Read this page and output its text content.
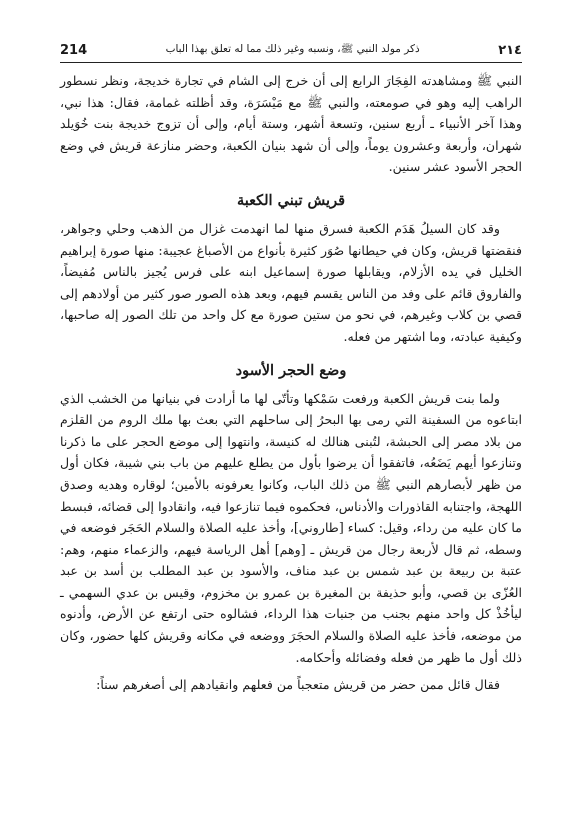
214	ذكر مولد النبي ﷺ، ونسبه وغير ذلك مما له تعلق بهذا الباب	٢١٤

النبي ﷺ ومشاهدته الفِجَارَ الرابع إلى أن خرج إلى الشام في تجارة خديجة، ونظر نسطور الراهب إليه وهو في صومعته، والنبي ﷺ مع مَيْسَرَة، وقد أظلته غمامة، فقال: هذا نبي، وهذا آخر الأنبياء ـ أربع سنين، وتسعة أشهر، وستة أيام، وإلى أن تزوج خديجة بنت خُوَيلد شهران، وأربعة وعشرون يوماً، وإلى أن شهد بنيان الكعبة، وحضر منازعة قريش في وضع الحجر الأسود عشر سنين.

قريش تبني الكعبة

وقد كان السيلُ هَدَم الكعبة فسرق منها لما انهدمت غزال من الذهب وحلي وجواهر، فنقضتها قريش، وكان في حيطانها صُوَر كثيرة بأنواع من الأصباغ عجيبة: منها صورة إبراهيم الخليل في يده الأزلام، ويقابلها صورة إسماعيل ابنه على فرس يُجيز بالناس مُفيضاً، والفاروق قائم على وفد من الناس يقسم فيهم، وبعد هذه الصور صور كثير من أولادهم إلى قصي بن كلاب وغيرهم، في نحو من ستين صورة مع كل واحد من تلك الصور إله صاحبها، وكيفية عبادته، وما اشتهر من فعله.

وضع الحجر الأسود

ولما بنت قريش الكعبة ورفعت سَمْكها وتأتّى لها ما أرادت في بنيانها من الخشب الذي ابتاعوه من السفينة التي رمى بها البحرُ إلى ساحلهم التي بعث بها ملك الروم من القلزم من بلاد مصر إلى الحبشة، لتُبنى هنالك له كنيسة، وانتهوا إلى موضع الحجر على ما ذكرنا وتنازعوا أيهم يَضَعُه، فاتفقوا أن يرضوا بأول من يطلع عليهم من باب بني شيبة، فكان أول من ظهر لأبصارهم النبي ﷺ من ذلك الباب، وكانوا يعرفونه بالأمين؛ لوقاره وهديه وصدق اللهجة، واجتنابه القاذورات والأدناس، فحكموه فيما تنازعوا فيه، وانقادوا إلى قضائه، فبسط ما كان عليه من رداء، وقيل: كساء [طاروني]، وأخذ عليه الصلاة والسلام الحَجَر فوضعه في وسطه، ثم قال لأربعة رجال من قريش ـ [وهم] أهل الرياسة فيهم، والزعماء منهم، وهم: عتبة بن ربيعة بن عبد شمس بن عبد مناف، والأسود بن عبد المطلب بن أسد بن عبد العُزّى بن قصي، وأبو حذيفة بن المغيرة بن عمرو بن مخزوم، وقيس بن عدي السهمي ـ ليأخُذْ كل واحد منهم بجنب من جنبات هذا الرداء، فشالوه حتى ارتفع عن الأرض، وأدنوه من موضعه، فأخذ عليه الصلاة والسلام الحجَرَ ووضعه في مكانه وقريش كلها حضور، وكان ذلك أول ما ظهر من فعله وفضائله وأحكامه.

فقال قائل ممن حضر من قريش متعجباً من فعلهم وانقيادهم إلى أصغرهم سناً:
